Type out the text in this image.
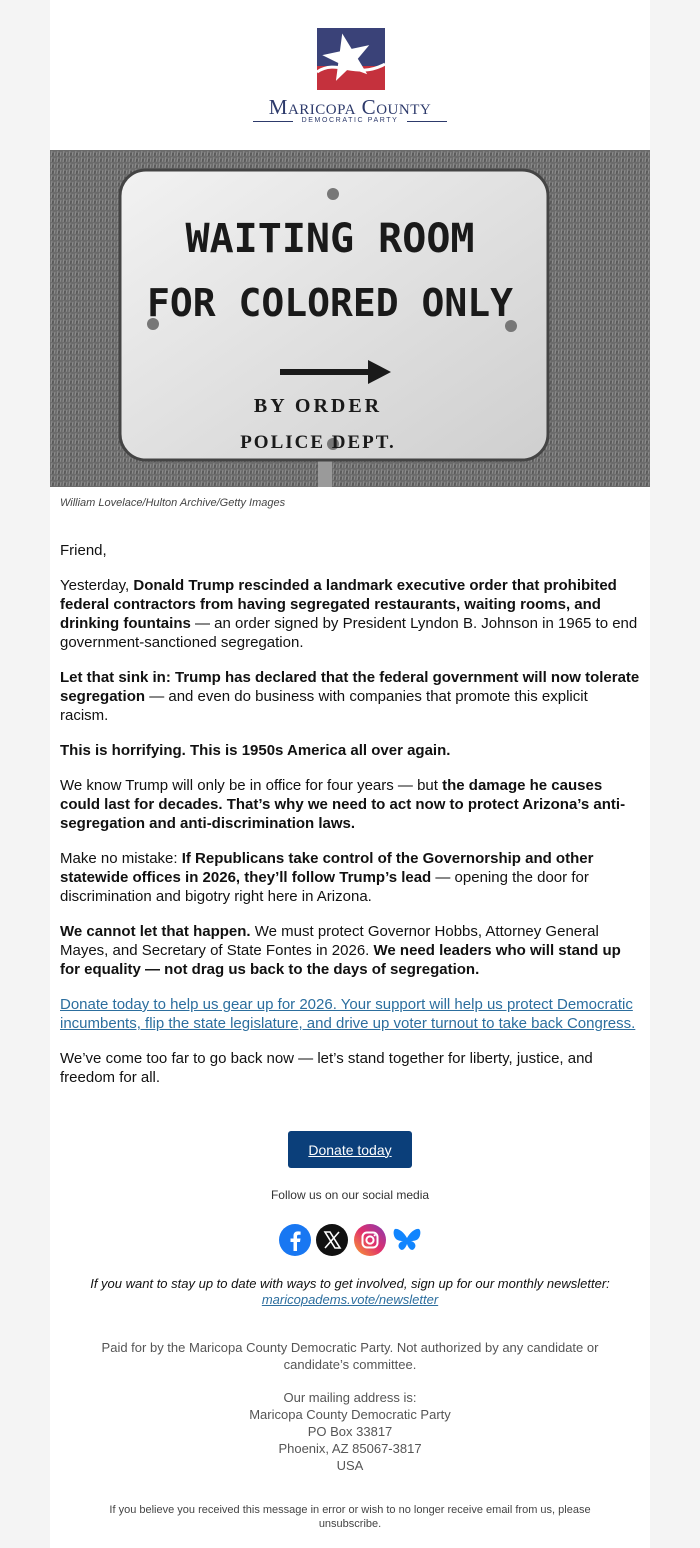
Maricopa County
DEMOCRATIC PARTY
WAITING ROOM
FOR COLORED ONLY
BY ORDER
POLICE DEPT.
William Lovelace/Hulton Archive/Getty Images

Friend,

Yesterday, Donald Trump rescinded a landmark executive order that prohibited federal contractors from having segregated restaurants, waiting rooms, and drinking fountains — an order signed by President Lyndon B. Johnson in 1965 to end government-sanctioned segregation.

Let that sink in: Trump has declared that the federal government will now tolerate segregation — and even do business with companies that promote this explicit racism.

This is horrifying. This is 1950s America all over again.

We know Trump will only be in office for four years — but the damage he causes could last for decades. That’s why we need to act now to protect Arizona’s anti-segregation and anti-discrimination laws.

Make no mistake: If Republicans take control of the Governorship and other statewide offices in 2026, they’ll follow Trump’s lead — opening the door for discrimination and bigotry right here in Arizona.

We cannot let that happen. We must protect Governor Hobbs, Attorney General Mayes, and Secretary of State Fontes in 2026. We need leaders who will stand up for equality — not drag us back to the days of segregation.

Donate today to help us gear up for 2026. Your support will help us protect Democratic incumbents, flip the state legislature, and drive up voter turnout to take back Congress.

We’ve come too far to go back now — let’s stand together for liberty, justice, and freedom for all.

Donate today
Follow us on our social media
If you want to stay up to date with ways to get involved, sign up for our monthly newsletter: maricopadems.vote/newsletter
Paid for by the Maricopa County Democratic Party. Not authorized by any candidate or candidate’s committee.
Our mailing address is:
Maricopa County Democratic Party
PO Box 33817
Phoenix, AZ 85067-3817
USA
If you believe you received this message in error or wish to no longer receive email from us, please unsubscribe.
